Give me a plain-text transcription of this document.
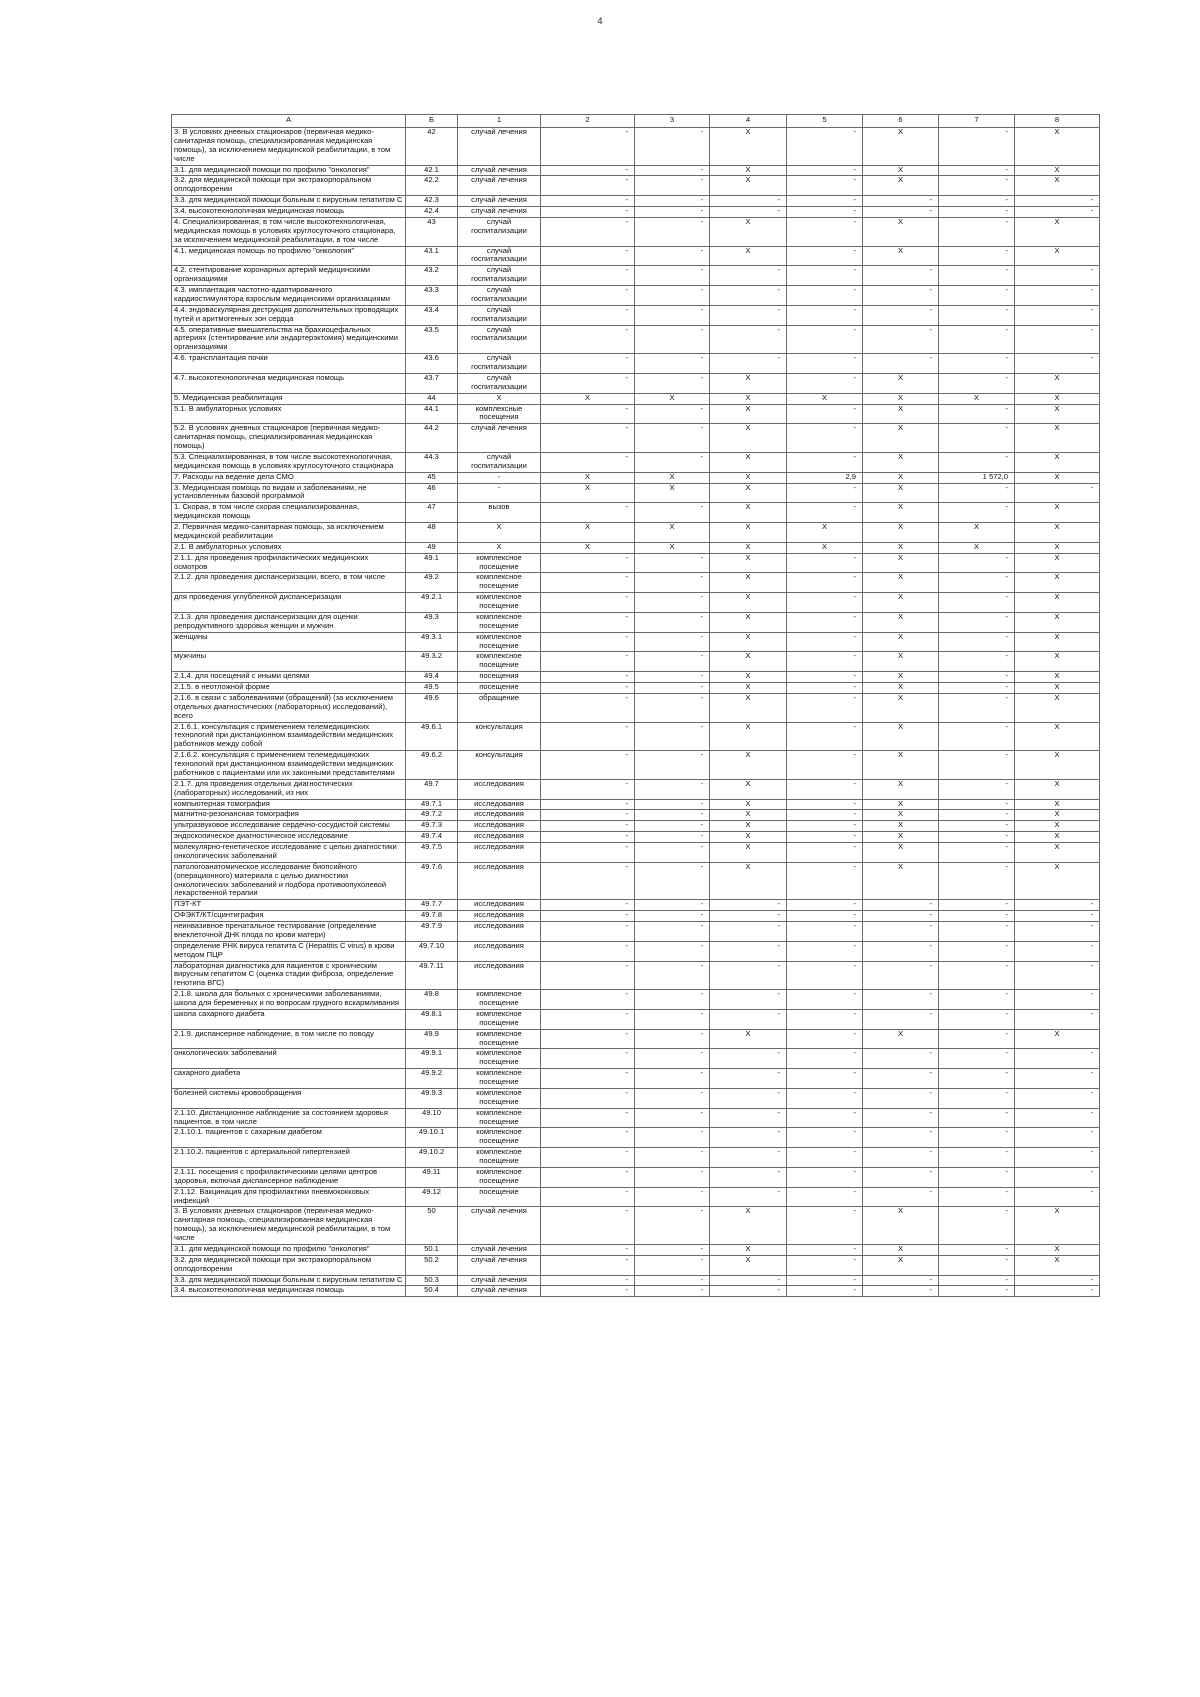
4
А	Б	1	2	3	4	5	6	7	8
3. В условиях дневных стационаров (первичная медико-санитарная помощь, специализированная медицинская помощь), за исключением медицинской реабилитации, в том числе	42	случай лечения	-	-	X	-	X	-	X
3.1. для медицинской помощи по профилю "онкология"	42.1	случай лечения	-	-	X	-	X	-	X
3.2. для медицинской помощи при экстракорпоральном оплодотворении	42.2	случай лечения	-	-	X	-	X	-	X
3.3. для медицинской помощи больным с вирусным гепатитом С	42.3	случай лечения	-	-	-	-	-	-	-
3.4. высокотехнологичная медицинская помощь	42.4	случай лечения	-	-	-	-	-	-	-
4. Специализированная, в том числе высокотехнологичная, медицинская помощь в условиях круглосуточного стационара, за исключением медицинской реабилитации, в том числе	43	случай госпитализации	-	-	X	-	X	-	X
4.1. медицинская помощь по профилю "онкология"	43.1	случай госпитализации	-	-	X	-	X	-	X
4.2. стентирование коронарных артерий медицинскими организациями	43.2	случай госпитализации	-	-	-	-	-	-	-
4.3. имплантация частотно-адаптированного кардиостимулятора взрослым медицинскими организациями	43.3	случай госпитализации	-	-	-	-	-	-	-
4.4. эндоваскулярная деструкция дополнительных проводящих путей и аритмогенных зон сердца	43.4	случай госпитализации	-	-	-	-	-	-	-
4.5. оперативные вмешательства на брахиоцефальных артериях (стентирование или эндартерэктомия) медицинскими организациями	43.5	случай госпитализации	-	-	-	-	-	-	-
4.6. трансплантация почки	43.6	случай госпитализации	-	-	-	-	-	-	-
4.7. высокотехнологичная медицинская помощь	43.7	случай госпитализации	-	-	X	-	X	-	X
5. Медицинская реабилитация	44	X	X	X	X	X	X	X	X
5.1. В амбулаторных условиях	44.1	комплексные посещения	-	-	X	-	X	-	X
5.2. В условиях дневных стационаров (первичная медико-санитарная помощь, специализированная медицинская помощь)	44.2	случай лечения	-	-	X	-	X	-	X
5.3. Специализированная, в том числе высокотехнологичная, медицинская помощь в условиях круглосуточного стационара	44.3	случай госпитализации	-	-	X	-	X	-	X
7. Расходы на ведение дела СМО	45	-	X	X	X	2,9	X	1 572,0	X
3. Медицинская помощь по видам и заболеваниям, не установленным базовой программой	46	-	X	X	X	-	X	-	-
1. Скорая, в том числе скорая специализированная, медицинская помощь	47	вызов	-	-	X	-	X	-	X
2. Первичная медико-санитарная помощь, за исключением медицинской реабилитации	48	X	X	X	X	X	X	X	X
2.1. В амбулаторных условиях	49	X	X	X	X	X	X	X	X
2.1.1. для проведения профилактических медицинских осмотров	49.1	комплексное посещение	-	-	X	-	X	-	X
2.1.2. для проведения диспансеризации, всего, в том числе	49.2	комплексное посещение	-	-	X	-	X	-	X
для проведения углубленной диспансеризации	49.2.1	комплексное посещение	-	-	X	-	X	-	X
2.1.3. для проведения диспансеризации для оценки репродуктивного здоровья женщин и мужчин	49.3	комплексное посещение	-	-	X	-	X	-	X
женщины	49.3.1	комплексное посещение	-	-	X	-	X	-	X
мужчины	49.3.2	комплексное посещение	-	-	X	-	X	-	X
2.1.4. для посещений с иными целями	49.4	посещения	-	-	X	-	X	-	X
2.1.5. в неотложной форме	49.5	посещение	-	-	X	-	X	-	X
2.1.6. в связи с заболеваниями (обращений) (за исключением отдельных диагностических (лабораторных) исследований), всего	49.6	обращение	-	-	X	-	X	-	X
2.1.6.1. консультация с применением телемедицинских технологий при дистанционном взаимодействии медицинских работников между собой	49.6.1	консультация	-	-	X	-	X	-	X
2.1.6.2. консультация с применением телемедицинских технологий при дистанционном взаимодействии медицинских работников с пациентами или их законными представителями	49.6.2	консультация	-	-	X	-	X	-	X
2.1.7. для проведения отдельных диагностических (лабораторных) исследований, из них	49.7	исследования	-	-	X	-	X	-	X
компьютерная томография	49.7.1	исследования	-	-	X	-	X	-	X
магнитно-резонансная томография	49.7.2	исследования	-	-	X	-	X	-	X
ультразвуковое исследование сердечно-сосудистой системы	49.7.3	исследования	-	-	X	-	X	-	X
эндоскопическое диагностическое исследование	49.7.4	исследования	-	-	X	-	X	-	X
молекулярно-генетическое исследование с целью диагностики онкологических заболеваний	49.7.5	исследования	-	-	X	-	X	-	X
патологоанатомическое исследование биопсийного (операционного) материала с целью диагностики онкологических заболеваний и подбора противоопухолевой лекарственной терапии	49.7.6	исследования	-	-	X	-	X	-	X
ПЭТ-КТ	49.7.7	исследования	-	-	-	-	-	-	-
ОФЭКТ/КТ/сцинтиграфия	49.7.8	исследования	-	-	-	-	-	-	-
неинвазивное пренатальное тестирование (определение внеклеточной ДНК плода по крови матери)	49.7.9	исследования	-	-	-	-	-	-	-
определение РНК вируса гепатита С (Hepatitis C virus) в крови методом ПЦР	49.7.10	исследования	-	-	-	-	-	-	-
лабораторная диагностика для пациентов с хроническим вирусным гепатитом С (оценка стадии фиброза, определение генотипа ВГС)	49.7.11	исследования	-	-	-	-	-	-	-
2.1.8. школа для больных с хроническими заболеваниями, школа для беременных и по вопросам грудного вскармливания	49.8	комплексное посещение	-	-	-	-	-	-	-
школа сахарного диабета	49.8.1	комплексное посещение	-	-	-	-	-	-	-
2.1.9. диспансерное наблюдение, в том числе по поводу	49.9	комплексное посещение	-	-	X	-	X	-	X
онкологических заболеваний	49.9.1	комплексное посещение	-	-	-	-	-	-	-
сахарного диабета	49.9.2	комплексное посещение	-	-	-	-	-	-	-
болезней системы кровообращения	49.9.3	комплексное посещение	-	-	-	-	-	-	-
2.1.10. Дистанционное наблюдение за состоянием здоровья пациентов, в том числе	49.10	комплексное посещение	-	-	-	-	-	-	-
2.1.10.1. пациентов с сахарным диабетом	49.10.1	комплексное посещение	-	-	-	-	-	-	-
2.1.10.2. пациентов с артериальной гипертензией	49.10.2	комплексное посещение	-	-	-	-	-	-	-
2.1.11. посещения с профилактическими целями центров здоровья, включая диспансерное наблюдение	49.11	комплексное посещение	-	-	-	-	-	-	-
2.1.12. Вакцинация для профилактики пневмококковых инфекций	49.12	посещение	-	-	-	-	-	-	-
3. В условиях дневных стационаров (первичная медико-санитарная помощь, специализированная медицинская помощь), за исключением медицинской реабилитации, в том числе	50	случай лечения	-	-	X	-	X	-	X
3.1. для медицинской помощи по профилю "онкология"	50.1	случай лечения	-	-	X	-	X	-	X
3.2. для медицинской помощи при экстракорпоральном оплодотворении	50.2	случай лечения	-	-	X	-	X	-	X
3.3. для медицинской помощи больным с вирусным гепатитом С	50.3	случай лечения	-	-	-	-	-	-	-
3.4. высокотехнологичная медицинская помощь	50.4	случай лечения	-	-	-	-	-	-	-
